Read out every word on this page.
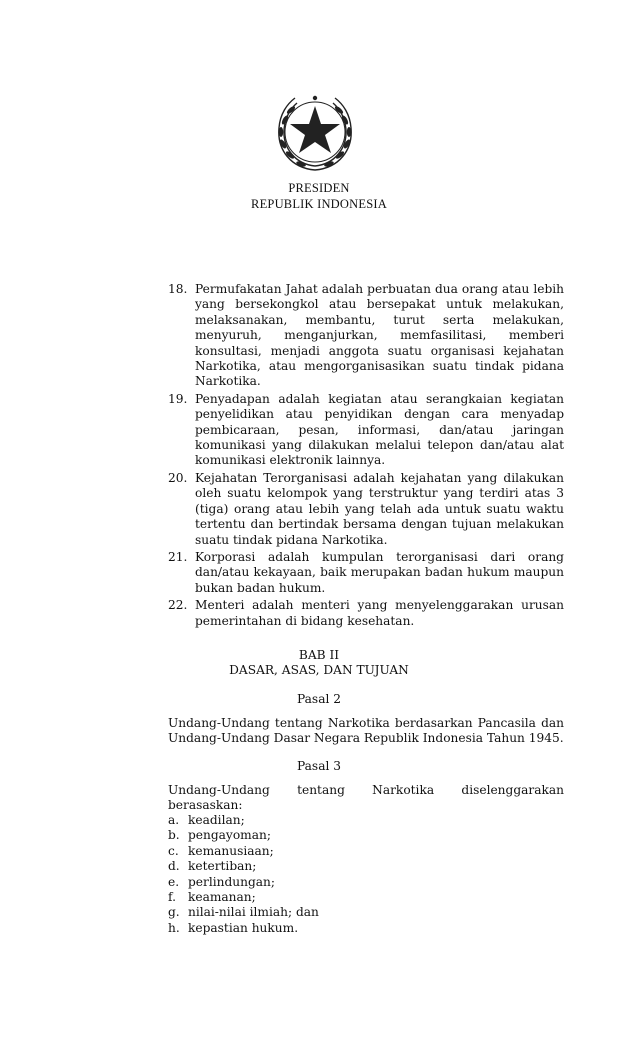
PRESIDEN
REPUBLIK INDONESIA
18. Permufakatan Jahat adalah perbuatan dua orang atau lebih yang bersekongkol atau bersepakat untuk melakukan, melaksanakan, membantu, turut serta melakukan, menyuruh, menganjurkan, memfasilitasi, memberi konsultasi, menjadi anggota suatu organisasi kejahatan Narkotika, atau mengorganisasikan suatu tindak pidana Narkotika.
19. Penyadapan adalah kegiatan atau serangkaian kegiatan penyelidikan atau penyidikan dengan cara menyadap pembicaraan, pesan, informasi, dan/atau jaringan komunikasi yang dilakukan melalui telepon dan/atau alat komunikasi elektronik lainnya.
20. Kejahatan Terorganisasi adalah kejahatan yang dilakukan oleh suatu kelompok yang terstruktur yang terdiri atas 3 (tiga) orang atau lebih yang telah ada untuk suatu waktu tertentu dan bertindak bersama dengan tujuan melakukan suatu tindak pidana Narkotika.
21. Korporasi adalah kumpulan terorganisasi dari orang dan/atau kekayaan, baik merupakan badan hukum maupun bukan badan hukum.
22. Menteri adalah menteri yang menyelenggarakan urusan pemerintahan di bidang kesehatan.
BAB II
DASAR, ASAS, DAN TUJUAN
Pasal 2
Undang-Undang tentang Narkotika berdasarkan Pancasila dan Undang-Undang Dasar Negara Republik Indonesia Tahun 1945.
Pasal 3
Undang-Undang tentang Narkotika diselenggarakan
berasaskan:
a. keadilan;
b. pengayoman;
c. kemanusiaan;
d. ketertiban;
e. perlindungan;
f. keamanan;
g. nilai-nilai ilmiah; dan
h. kepastian hukum.
